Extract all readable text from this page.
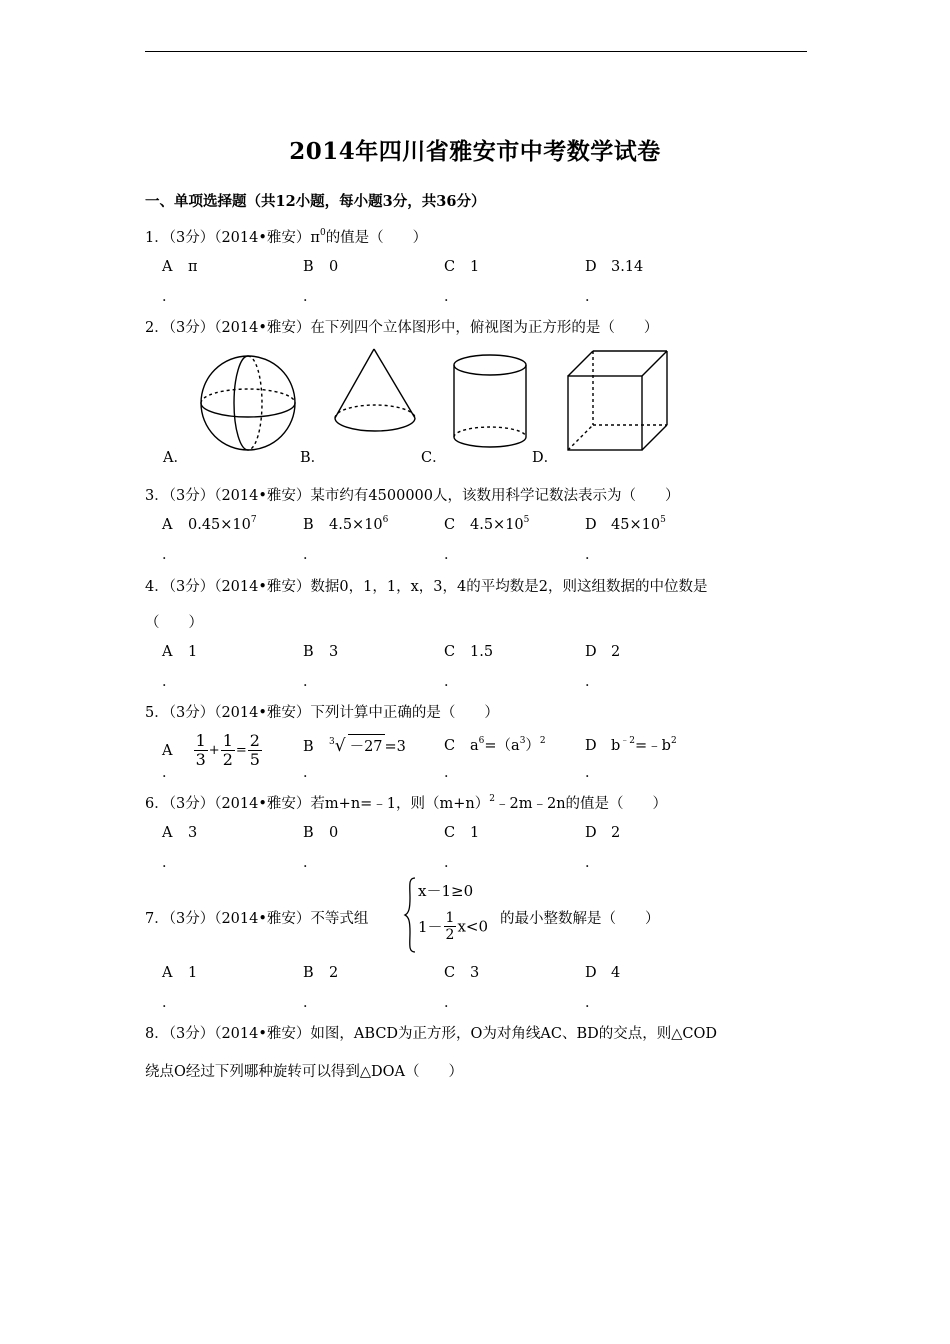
2014年四川省雅安市中考数学试卷
一、单项选择题（共12小题，每小题3分，共36分）
1．（3分）（2014•雅安）$\pi^0$的值是（　　）
A π	B 0	C 1	D 3.14
．	．	．	．
2．（3分）（2014•雅安）在下列四个立体图形中，俯视图为正方形的是（　　）
A．	B．	C．	D．
3．（3分）（2014•雅安）某市约有4500000人，该数用科学记数法表示为（　　）
A $0.45\times 10^7$	B $4.5\times 10^6$	C $4.5\times 10^5$	D $45\times 10^5$
．	．	．	．
4．（3分）（2014•雅安）数据0，1，1，x，3，4的平均数是2，则这组数据的中位数是
（　　）
A 1	B 3	C 1.5	D 2
．	．	．	．
5．（3分）（2014•雅安）下列计算中正确的是（　　）
A $\frac{1}{3} + \frac{1}{2} = \frac{2}{5}$	B $^3$√ －27 =3	C $a^6=(a^3)^2$	D $b^{﹣2}=﹣b^2$
．	．	．	．
6．（3分）（2014•雅安）若m+n=﹣1，则$(m+n)^2﹣2m﹣2n$的值是（　　）
A 3	B 0	C 1	D 2
．	．	．	．
7．（3分）（2014•雅安）不等式组
x－1≥0
$1- \frac{1}{2} x<0$ 的最小整数解是（　　）
A 1	B 2	C 3	D 4
．	．	．	．
8．（3分）（2014•雅安）如图，ABCD为正方形，O为对角线AC、BD的交点，则△COD
绕点O经过下列哪种旋转可以得到△DOA（　　）
